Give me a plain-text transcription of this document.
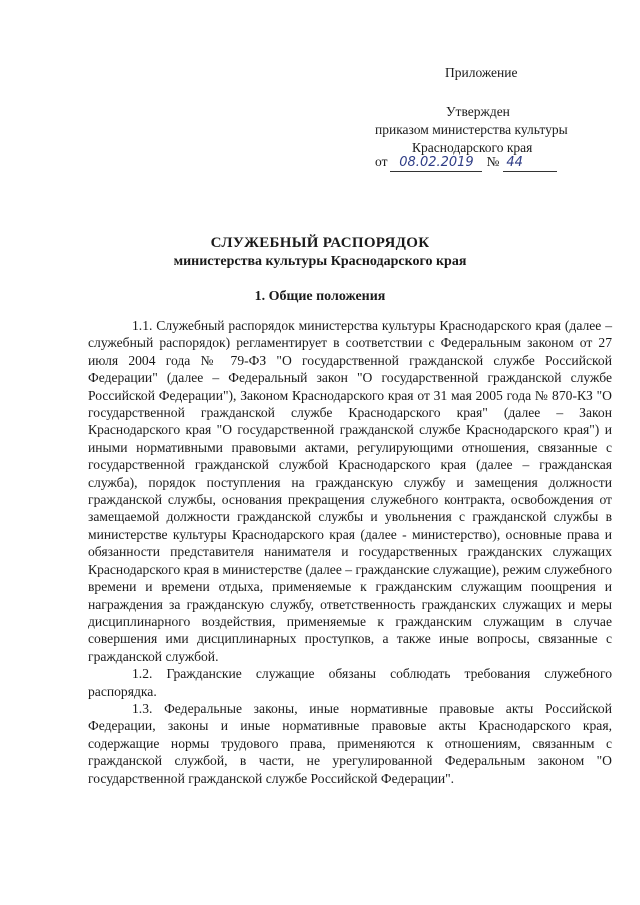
Приложение
Утвержден
приказом министерства культуры
Краснодарского края
от 08.02.2019 № 44
СЛУЖЕБНЫЙ РАСПОРЯДОК
министерства культуры Краснодарского края
1. Общие положения

1.1. Служебный распорядок министерства культуры Краснодарского края (далее – служебный распорядок) регламентирует в соответствии с Федеральным законом от 27 июля 2004 года № 79-ФЗ "О государственной гражданской службе Российской Федерации" (далее – Федеральный закон "О государственной гражданской службе Российской Федерации"), Законом Краснодарского края от 31 мая 2005 года № 870-КЗ "О государственной гражданской службе Краснодарского края" (далее – Закон Краснодарского края "О государственной гражданской службе Краснодарского края") и иными нормативными правовыми актами, регулирующими отношения, связанные с государственной гражданской службой Краснодарского края (далее – гражданская служба), порядок поступления на гражданскую службу и замещения должности гражданской службы, основания прекращения служебного контракта, освобождения от замещаемой должности гражданской службы и увольнения с гражданской службы в министерстве культуры Краснодарского края (далее - министерство), основные права и обязанности представителя нанимателя и государственных гражданских служащих Краснодарского края в министерстве (далее – гражданские служащие), режим служебного времени и времени отдыха, применяемые к гражданским служащим поощрения и награждения за гражданскую службу, ответственность гражданских служащих и меры дисциплинарного воздействия, применяемые к гражданским служащим в случае совершения ими дисциплинарных проступков, а также иные вопросы, связанные с гражданской службой.

1.2. Гражданские служащие обязаны соблюдать требования служебного распорядка.

1.3. Федеральные законы, иные нормативные правовые акты Российской Федерации, законы и иные нормативные правовые акты Краснодарского края, содержащие нормы трудового права, применяются к отношениям, связанным с гражданской службой, в части, не урегулированной Федеральным законом "О государственной гражданской службе Российской Федерации".
